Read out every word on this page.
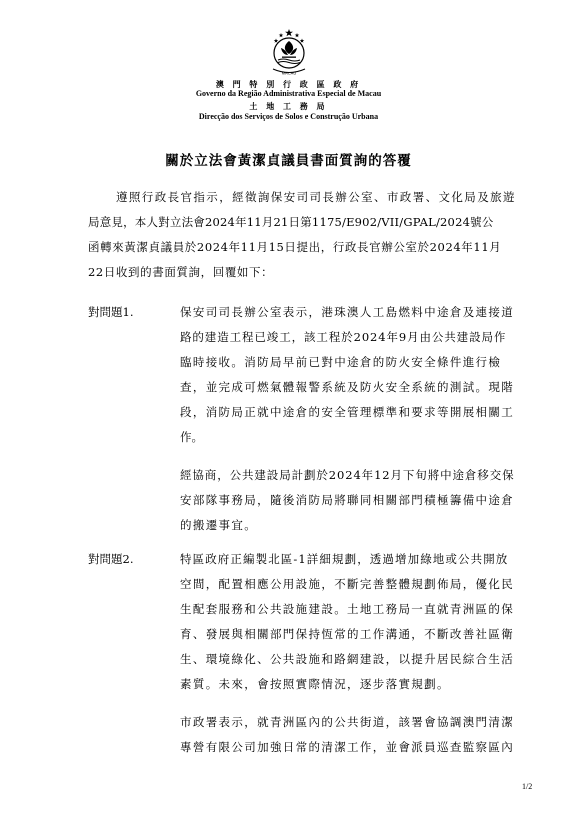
MACAU
澳 門 特 別 行 政 區 政 府
Governo da Região Administrativa Especial de Macau
土 地 工 務 局
Direcção dos Serviços de Solos e Construção Urbana
關於立法會黃潔貞議員書面質詢的答覆
遵照行政長官指示，經徵詢保安司司長辦公室、市政署、文化局及旅遊
局意見，本人對立法會2024年11月21日第1175/E902/VII/GPAL/2024號公
函轉來黃潔貞議員於2024年11月15日提出，行政長官辦公室於2024年11月
22日收到的書面質詢，回覆如下：
對問題1.	保安司司長辦公室表示，港珠澳人工島燃料中途倉及連接道
路的建造工程已竣工，該工程於2024年9月由公共建設局作
臨時接收。消防局早前已對中途倉的防火安全條件進行檢
查，並完成可燃氣體報警系統及防火安全系統的測試。現階
段，消防局正就中途倉的安全管理標準和要求等開展相關工
作。
經協商，公共建設局計劃於2024年12月下旬將中途倉移交保
安部隊事務局，隨後消防局將聯同相關部門積極籌備中途倉
的搬遷事宜。
對問題2.	特區政府正編製北區-1詳細規劃，透過增加綠地或公共開放
空間，配置相應公用設施，不斷完善整體規劃佈局，優化民
生配套服務和公共設施建設。土地工務局一直就青洲區的保
育、發展與相關部門保持恆常的工作溝通，不斷改善社區衛
生、環境綠化、公共設施和路網建設，以提升居民綜合生活
素質。未來，會按照實際情況，逐步落實規劃。
市政署表示，就青洲區內的公共街道，該署會協調澳門清潔
專營有限公司加強日常的清潔工作，並會派員巡查監察區內
1/2
